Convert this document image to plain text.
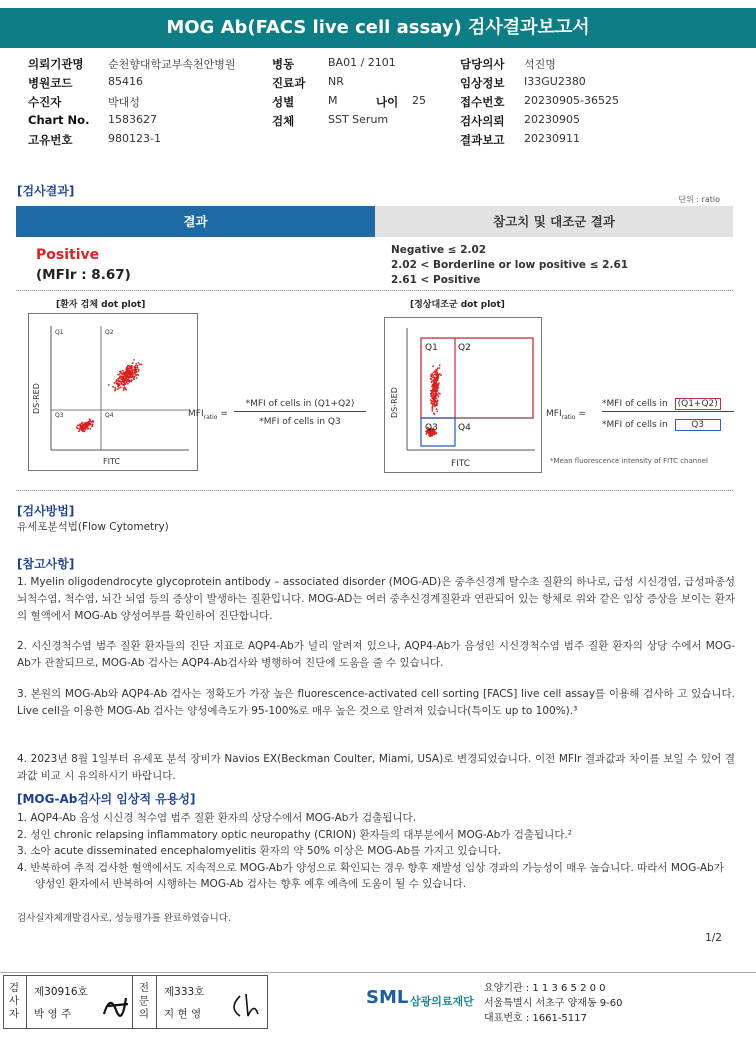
MOG Ab(FACS live cell assay) 검사결과보고서
의뢰기관명 순천향대학교부속천안병원	병동	BA01 / 2101	담당의사 석진명
병원코드	85416	진료과 NR	임상정보 I33GU2380
수진자	박대성	성별	M	나이 25	접수번호 20230905-36525
Chart No. 1583627	검체	SST Serum	검사의뢰 20230905
고유번호	980123-1	결과보고 20230911
[검사결과]
단위 : ratio
결과	참고치 및 대조군 결과
Positive
(MFIr : 8.67)
Negative ≤ 2.02
2.02 < Borderline or low positive ≤ 2.61
2.61 < Positive
[환자 검체 dot plot]	[정상대조군 dot plot]
Q1	Q2
Q3	Q4
FITC
DS-RED	$MFI_{ratio}$ =
*MFI of cells in (Q1+Q2)
*MFI of cells in Q3
Q1 Q2
Q3 Q4
FITC
DS-RED	$MFI_{ratio}$ =
*MFI of cells in (Q1+Q2)
*MFI of cells in	Q3
*Mean fluorescence intensity of FITC channel
[검사방법]
유세포분석법(Flow Cytometry)
[참고사항]
1. Myelin oligodendrocyte glycoprotein antibody – associated disorder (MOG-AD)은 중추신경계 탈수초 질환의 하나로, 급성 시신경염, 급성파종성 뇌척수염, 척수염, 뇌간 뇌염 등의 증상이 발생하는 질환입니다. MOG-AD는 여러 중추신경계질환과 연관되어 있는 항체로 위와 같은 임상 증상을 보이는 환자의 혈액에서 MOG-Ab 양성여부를 확인하여 진단합니다.
2. 시신경척수염 범주 질환 환자들의 진단 지표로 AQP4-Ab가 널리 알려져 있으나, AQP4-Ab가 음성인 시신경척수염 범주 질환 환자의 상당 수에서 MOG-Ab가 관찰되므로, MOG-Ab 검사는 AQP4-Ab검사와 병행하여 진단에 도움을 줄 수 있습니다.
3. 본원의 MOG-Ab와 AQP4-Ab 검사는 정확도가 가장 높은 fluorescence-activated cell sorting [FACS] live cell assay를 이용해 검사하 고 있습니다. Live cell을 이용한 MOG-Ab 검사는 양성예측도가 95-100%로 매우 높은 것으로 알려져 있습니다(특이도 up to 100%).³
4. 2023년 8월 1일부터 유세포 분석 장비가 Navios EX(Beckman Coulter, Miami, USA)로 변경되었습니다. 이전 MFIr 결과값과 차이를 보일 수 있어 결과값 비교 시 유의하시기 바랍니다.
[MOG-Ab검사의 임상적 유용성]
1. AQP4-Ab 음성 시신경 척수염 범주 질환 환자의 상당수에서 MOG-Ab가 검출됩니다.
2. 성인 chronic relapsing inflammatory optic neuropathy (CRION) 환자들의 대부분에서 MOG-Ab가 검출됩니다.²
3. 소아 acute disseminated encephalomyelitis 환자의 약 50% 이상은 MOG-Ab를 가지고 있습니다.
4. 반복하여 추적 검사한 혈액에서도 지속적으로 MOG-Ab가 양성으로 확인되는 경우 향후 재발성 임상 경과의 가능성이 매우 높습니다. 따라서 MOG-Ab가 양성인 환자에서 반복하여 시행하는 MOG-Ab 검사는 향후 예후 예측에 도움이 될 수 있습니다.
검사실자체개발검사로, 성능평가를 완료하였습니다.
1/2
검사자
제30916호
박 영 주
전문의
제333호
지 현 영
SML 삼광의료재단
요양기관 : 1 1 3 6 5 2 0 0
서울특별시 서초구 양재동 9-60
대표번호 : 1661-5117
